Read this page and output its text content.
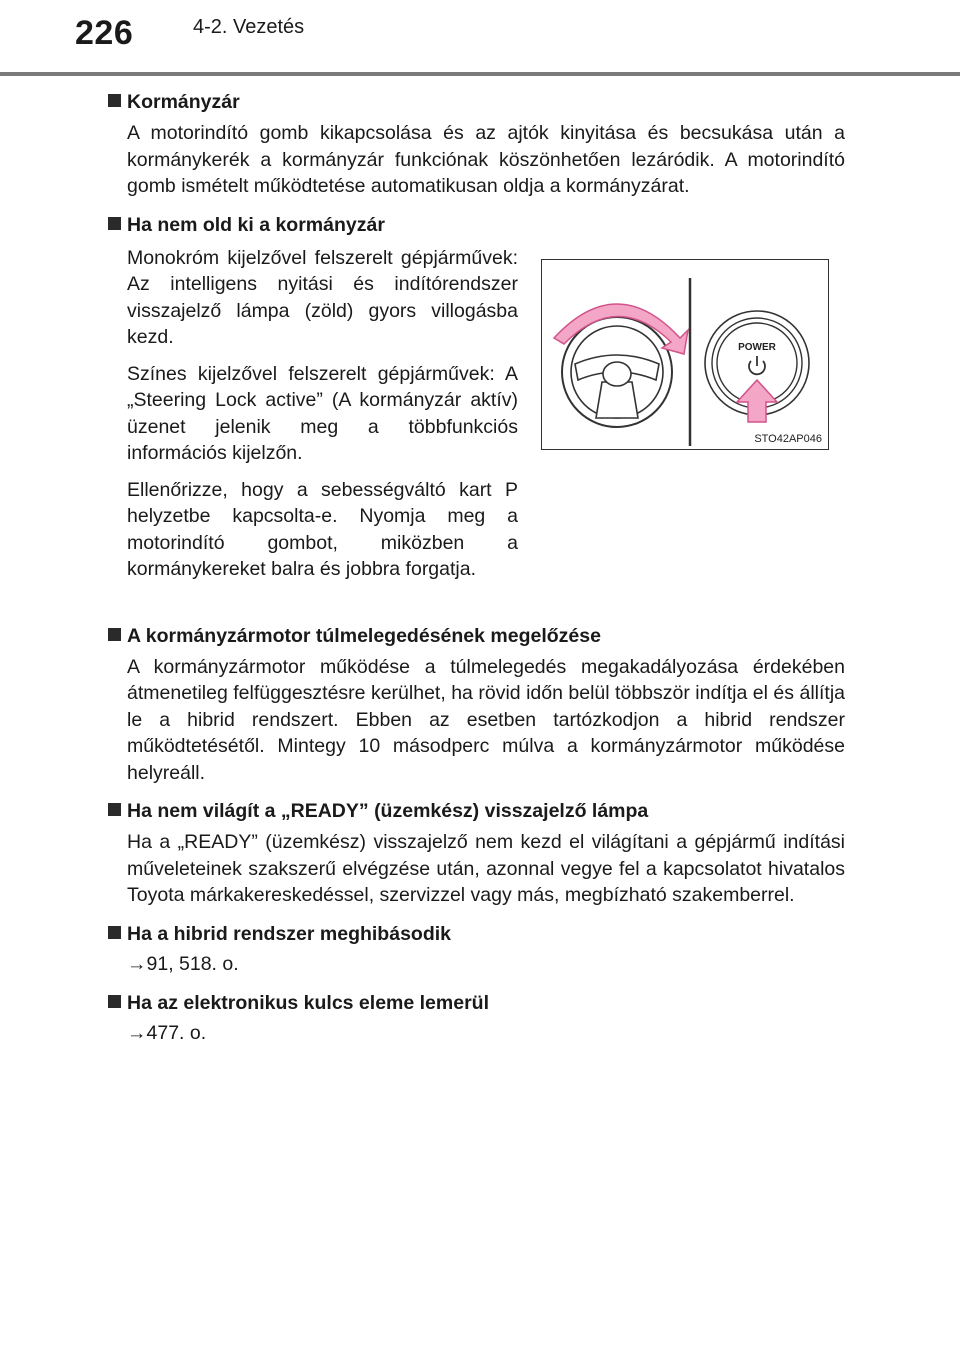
226	4-2. Vezetés
Kormányzár
A motorindító gomb kikapcsolása és az ajtók kinyitása és becsukása után a kormánykerék a kormányzár funkciónak köszönhetően lezáródik. A motorindító gomb ismételt működtetése automatikusan oldja a kormányzárat.
Ha nem old ki a kormányzár

Monokróm kijelzővel felszerelt gépjárművek: Az intelligens nyitási és indítórendszer visszajelző lámpa (zöld) gyors villogásba kezd.

Színes kijelzővel felszerelt gépjárművek: A „Steering Lock active” (A kormányzár aktív) üzenet jelenik meg a többfunkciós információs kijelzőn.

Ellenőrizze, hogy a sebességváltó kart P helyzetbe kapcsolta-e. Nyomja meg a motorindító gombot, miközben a kormánykereket balra és jobbra forgatja.

POWER
STO42AP046
A kormányzármotor túlmelegedésének megelőzése
A kormányzármotor működése a túlmelegedés megakadályozása érdekében átmenetileg felfüggesztésre kerülhet, ha rövid időn belül többször indítja el és állítja le a hibrid rendszert. Ebben az esetben tartózkodjon a hibrid rendszer működtetésétől. Mintegy 10 másodperc múlva a kormányzármotor működése helyreáll.
Ha nem világít a „READY” (üzemkész) visszajelző lámpa
Ha a „READY” (üzemkész) visszajelző nem kezd el világítani a gépjármű indítási műveleteinek szakszerű elvégzése után, azonnal vegye fel a kapcsolatot hivatalos Toyota márkakereskedéssel, szervizzel vagy más, megbízható szakemberrel.
Ha a hibrid rendszer meghibásodik
→91, 518. o.
Ha az elektronikus kulcs eleme lemerül
→477. o.
